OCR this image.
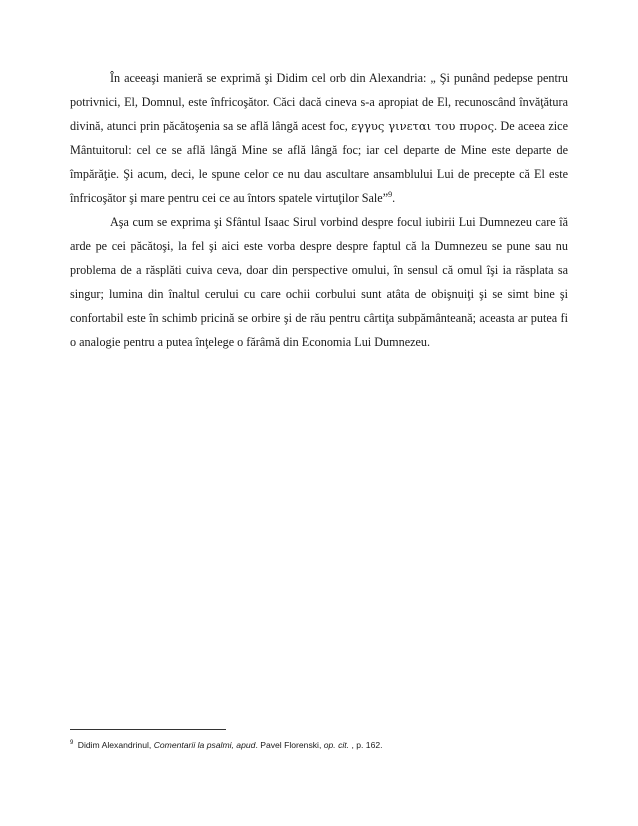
În aceeaşi manieră se exprimă şi Didim cel orb din Alexandria: „ Şi punând pedepse pentru potrivnici, El, Domnul, este înfricoşător. Căci dacă cineva s-a apropiat de El, recunoscând învăţătura divină, atunci prin păcătoşenia sa se află lângă acest foc, εγγυς γινεται του πυρος. De aceea zice Mântuitorul: cel ce se află lângă Mine se află lângă foc; iar cel departe de Mine este departe de împărăţie. Şi acum, deci, le spune celor ce nu dau ascultare ansamblului Lui de precepte că El este înfricoşător şi mare pentru cei ce au întors spatele virtuţilor Sale”$^9$.

Aşa cum se exprima şi Sfântul Isaac Sirul vorbind despre focul iubirii Lui Dumnezeu care îă arde pe cei păcătoşi, la fel şi aici este vorba despre despre faptul că la Dumnezeu se pune sau nu problema de a răsplăti cuiva ceva, doar din perspective omului, în sensul că omul îşi ia răsplata sa singur; lumina din înaltul cerului cu care ochii corbului sunt atâta de obişnuiţi şi se simt bine şi confortabil este în schimb pricină se orbire şi de rău pentru cârtiţa subpământeană; aceasta ar putea fi o analogie pentru a putea înţelege o fărâmă din Economia Lui Dumnezeu.

$^9$ Didim Alexandrinul, Comentarii la psalmi, apud. Pavel Florenski, op. cit. , p. 162.
